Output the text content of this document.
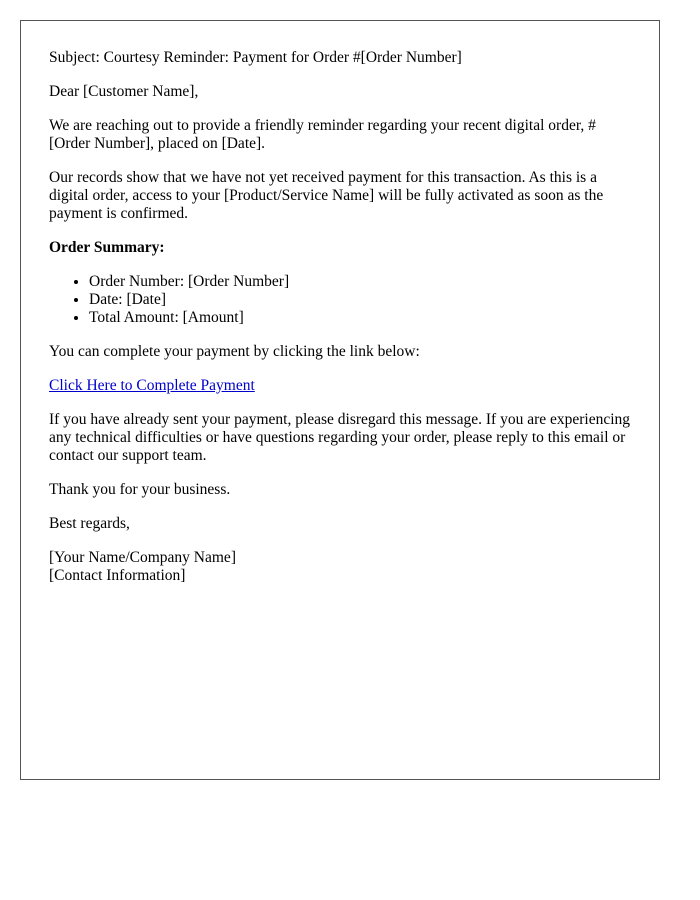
Subject: Courtesy Reminder: Payment for Order #[Order Number]

Dear [Customer Name],

We are reaching out to provide a friendly reminder regarding your recent digital order, #[Order Number], placed on [Date].

Our records show that we have not yet received payment for this transaction. As this is a digital order, access to your [Product/Service Name] will be fully activated as soon as the payment is confirmed.

Order Summary:

• Order Number: [Order Number]
• Date: [Date]
• Total Amount: [Amount]

You can complete your payment by clicking the link below:

Click Here to Complete Payment

If you have already sent your payment, please disregard this message. If you are experiencing any technical difficulties or have questions regarding your order, please reply to this email or contact our support team.

Thank you for your business.

Best regards,

[Your Name/Company Name]
[Contact Information]
